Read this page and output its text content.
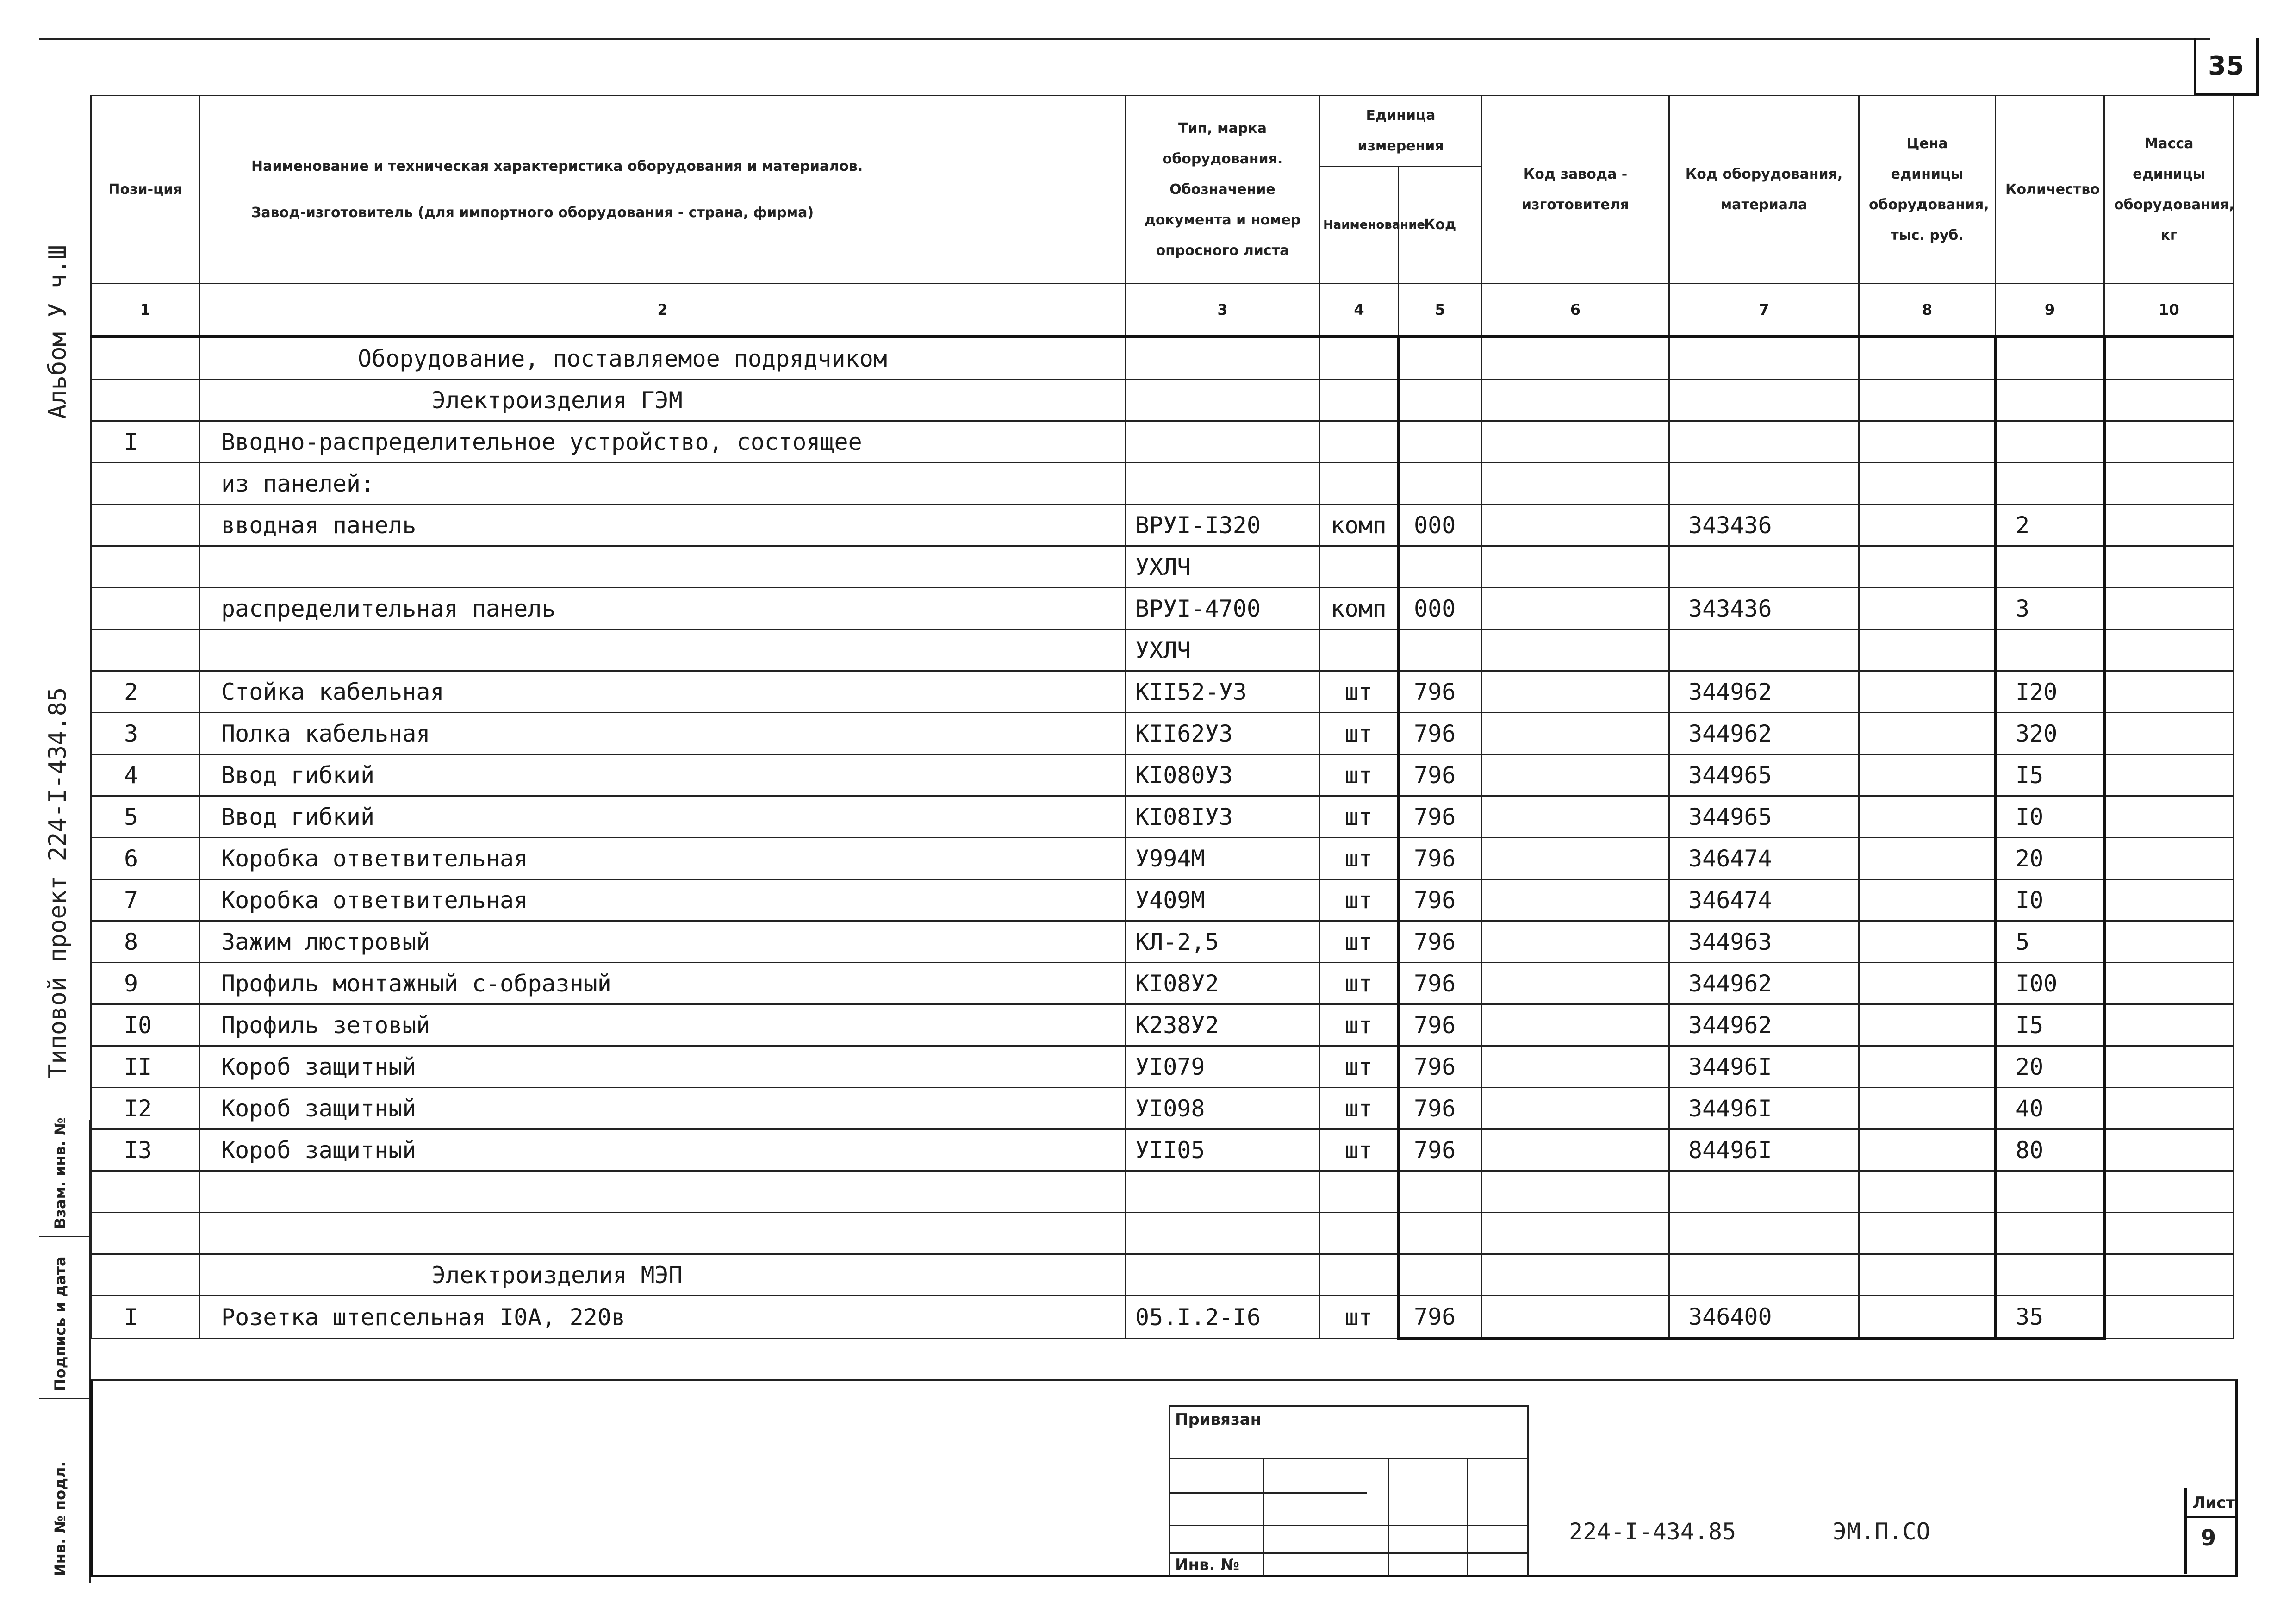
35
Альбом У ч.Ш
Типовой проект 224-I-434.85
Взам. инв. №
Подпись и дата
Инв. № подл.
Пози-ция	Наименование и техническая характеристика оборудования и материалов.
Завод-изготовитель (для импортного оборудования - страна, фирма)	Тип, марка оборудования. Обозначение документа и номер опросного листа	Единица измерения		Код завода - изготовителя	Код оборудования, материала	Цена единицы оборудования, тыс. руб.	Количество	Масса единицы оборудования, кг
			Наименование	Код					
1	2	3	4	5	6	7	8	9	10
	Оборудование, поставляемое подрядчиком								
	Электроизделия ГЭМ								
I	Вводно-распределительное устройство, состоящее								
	из панелей:								
	вводная панель	ВРУI-I320	комп	000		343436		2	
		УХЛЧ							
	распределительная панель	ВРУI-4700	комп	000		343436		3	
		УХЛЧ							
2	Стойка кабельная	КII52-У3	шт	796		344962		I20	
3	Полка кабельная	КII62У3	шт	796		344962		320	
4	Ввод гибкий	КI080У3	шт	796		344965		I5	
5	Ввод гибкий	КI08IУ3	шт	796		344965		I0	
6	Коробка ответвительная	У994М	шт	796		346474		20	
7	Коробка ответвительная	У409М	шт	796		346474		I0	
8	Зажим люстровый	КЛ-2,5	шт	796		344963		5	
9	Профиль монтажный с-образный	КI08У2	шт	796		344962		I00	
I0	Профиль зетовый	К238У2	шт	796		344962		I5	
II	Короб защитный	УI079	шт	796		34496I		20	
I2	Короб защитный	УI098	шт	796		34496I		40	
I3	Короб защитный	УII05	шт	796		84496I		80	

	Электроизделия МЭП								
I	Розетка штепсельная I0А, 220в	05.I.2-I6	шт	796		346400		35	
Привязан
Инв. №
224-I-434.85	ЭМ.П.СО
Лист
9
